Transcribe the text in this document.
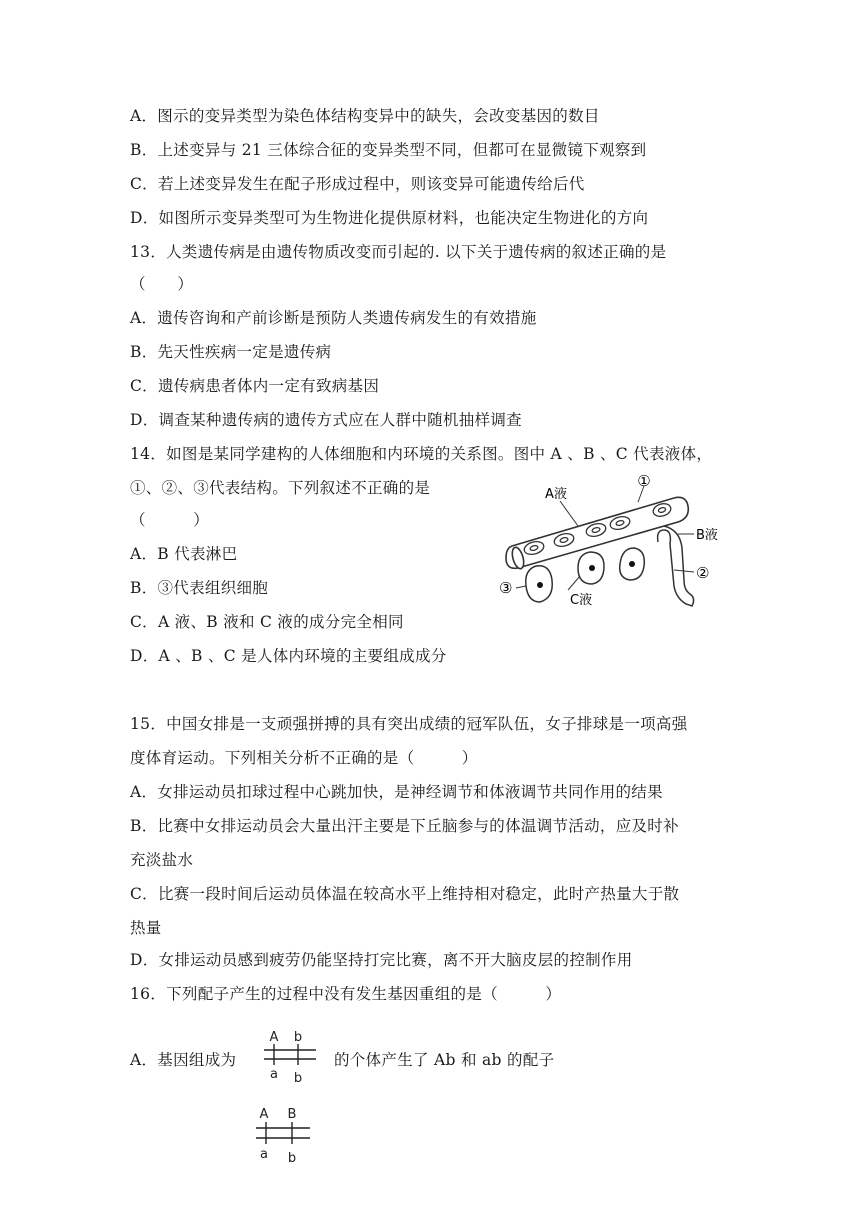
A．图示的变异类型为染色体结构变异中的缺失，会改变基因的数目
B．上述变异与 21 三体综合征的变异类型不同，但都可在显微镜下观察到
C．若上述变异发生在配子形成过程中，则该变异可能遗传给后代
D．如图所示变异类型可为生物进化提供原材料，也能决定生物进化的方向
13．人类遗传病是由遗传物质改变而引起的. 以下关于遗传病的叙述正确的是
（　　）
A．遗传咨询和产前诊断是预防人类遗传病发生的有效措施
B．先天性疾病一定是遗传病
C．遗传病患者体内一定有致病基因
D．调查某种遗传病的遗传方式应在人群中随机抽样调查
14．如图是某同学建构的人体细胞和内环境的关系图。图中 A 、B 、C 代表液体，
①、②、③代表结构。下列叙述不正确的是
（　　　）
A．B 代表淋巴
B．③代表组织细胞
C．A 液、B 液和 C 液的成分完全相同
D．A 、B 、C 是人体内环境的主要组成成分
A液
①
B液
②
③
C液
15．中国女排是一支顽强拼搏的具有突出成绩的冠军队伍，女子排球是一项高强
度体育运动。下列相关分析不正确的是（　　　）
A．女排运动员扣球过程中心跳加快，是神经调节和体液调节共同作用的结果
B．比赛中女排运动员会大量出汗主要是下丘脑参与的体温调节活动，应及时补
充淡盐水
C．比赛一段时间后运动员体温在较高水平上维持相对稳定，此时产热量大于散
热量
D．女排运动员感到疲劳仍能坚持打完比赛，离不开大脑皮层的控制作用
16．下列配子产生的过程中没有发生基因重组的是（　　　）
A．基因组成为	的个体产生了 Ab 和 ab 的配子
A b
a b
A B
a b
